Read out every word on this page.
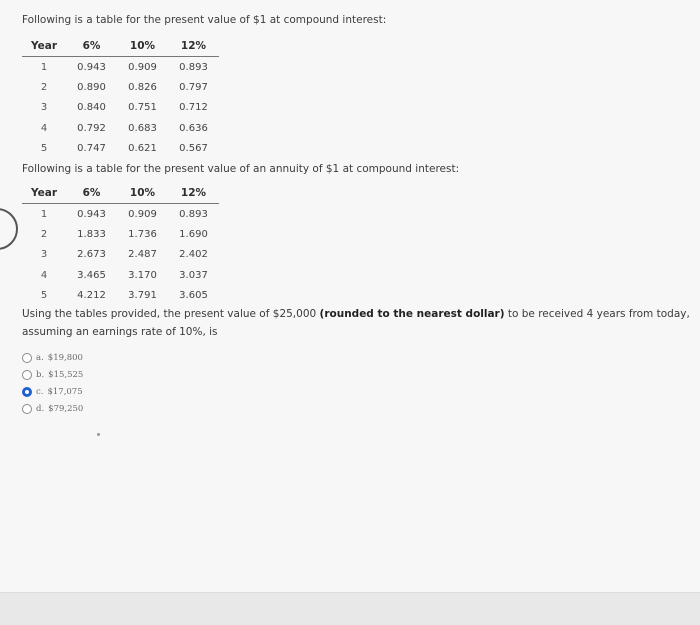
Following is a table for the present value of $1 at compound interest:
Year	6%	10%	12%
1	0.943	0.909	0.893
2	0.890	0.826	0.797
3	0.840	0.751	0.712
4	0.792	0.683	0.636
5	0.747	0.621	0.567
Following is a table for the present value of an annuity of $1 at compound interest:
Year	6%	10%	12%
1	0.943	0.909	0.893
2	1.833	1.736	1.690
3	2.673	2.487	2.402
4	3.465	3.170	3.037
5	4.212	3.791	3.605
Using the tables provided, the present value of $25,000 (rounded to the nearest dollar) to be received 4 years from today, assuming an earnings rate of 10%, is
a. $19,800
b. $15,525
c. $17,075
d. $79,250
